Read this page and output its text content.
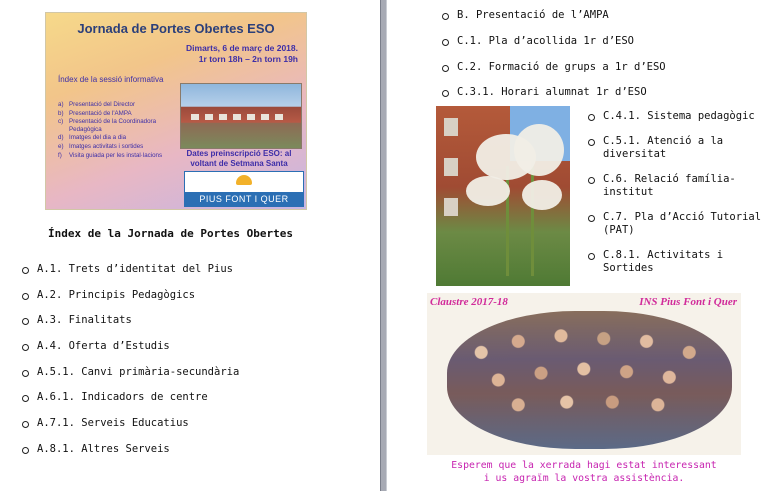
Jornada de Portes Obertes ESO
Dimarts, 6 de març de 2018.
1r torn 18h – 2n torn 19h
Índex de la sessió informativa
a) Presentació del Director
b) Presentació de l'AMPA
c) Presentació de la Coordinadora Pedagògica
d) Imatges del dia a dia
e) Imatges activitats i sortides
f)	Visita guiada per les instal·lacions	Dates preinscripció ESO: al
voltant de Setmana Santa
PIUS FONT I QUER
Índex de la Jornada de Portes Obertes
A.1. Trets d’identitat del Pius
A.2. Principis Pedagògics
A.3. Finalitats
A.4. Oferta d’Estudis
A.5.1. Canvi primària-secundària
A.6.1. Indicadors de centre
A.7.1. Serveis Educatius
A.8.1. Altres Serveis
B. Presentació de l’AMPA
C.1. Pla d’acollida 1r d’ESO
C.2. Formació de grups a 1r d’ESO
C.3.1. Horari alumnat 1r d’ESO
C.4.1. Sistema pedagògic
C.5.1. Atenció a la diversitat
C.6. Relació família-institut
C.7. Pla d’Acció Tutorial (PAT)
C.8.1. Activitats i Sortides
Claustre 2017-18	INS Pius Font i Quer
Esperem que la xerrada hagi estat interessant
i us agraïm la vostra assistència.
